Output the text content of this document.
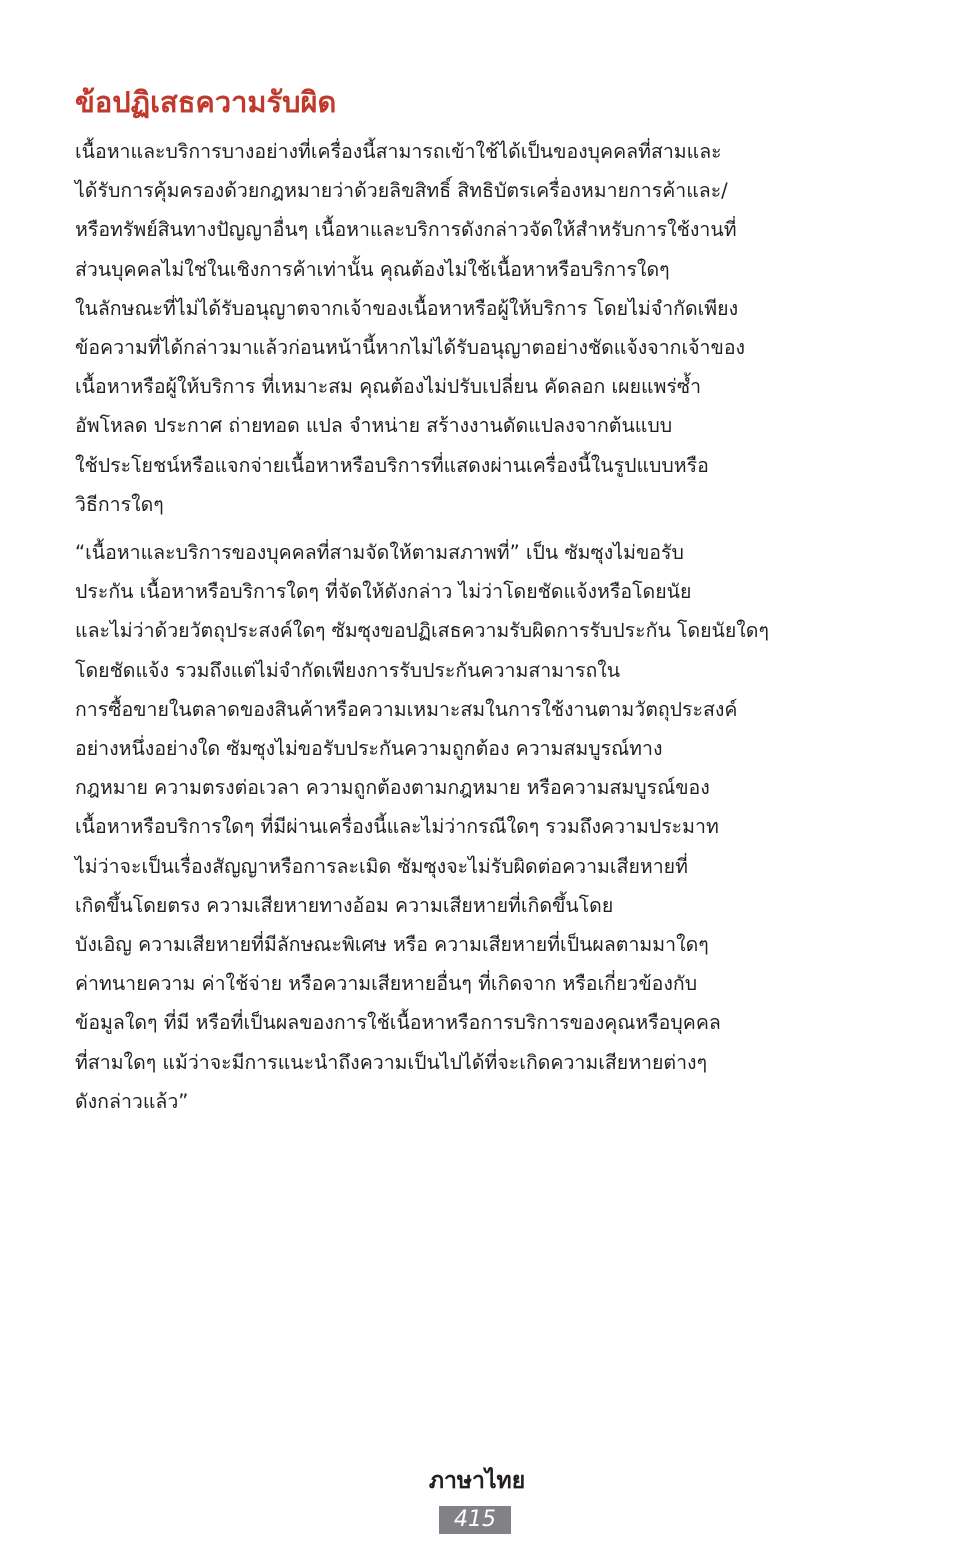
ข้อปฏิเสธความรับผิด
เนื้อหาและบริการบางอย่างที่เครื่องนี้สามารถเข้าใช้ได้เป็นของบุคคลที่สามและ
ได้รับการคุ้มครองด้วยกฎหมายว่าด้วยลิขสิทธิ์ สิทธิบัตรเครื่องหมายการค้าและ/
หรือทรัพย์สินทางปัญญาอื่นๆ เนื้อหาและบริการดังกล่าวจัดให้สำหรับการใช้งานที่
ส่วนบุคคลไม่ใช่ในเชิงการค้าเท่านั้น คุณต้องไม่ใช้เนื้อหาหรือบริการใดๆ
ในลักษณะที่ไม่ได้รับอนุญาตจากเจ้าของเนื้อหาหรือผู้ให้บริการ โดยไม่จำกัดเพียง
ข้อความที่ได้กล่าวมาแล้วก่อนหน้านี้หากไม่ได้รับอนุญาตอย่างชัดแจ้งจากเจ้าของ
เนื้อหาหรือผู้ให้บริการ ที่เหมาะสม คุณต้องไม่ปรับเปลี่ยน คัดลอก เผยแพร่ซ้ำ
อัพโหลด ประกาศ ถ่ายทอด แปล จำหน่าย สร้างงานดัดแปลงจากต้นแบบ
ใช้ประโยชน์หรือแจกจ่ายเนื้อหาหรือบริการที่แสดงผ่านเครื่องนี้ในรูปแบบหรือ
วิธีการใดๆ
“เนื้อหาและบริการของบุคคลที่สามจัดให้ตามสภาพที่” เป็น ซัมซุงไม่ขอรับ
ประกัน เนื้อหาหรือบริการใดๆ ที่จัดให้ดังกล่าว ไม่ว่าโดยชัดแจ้งหรือโดยนัย
และไม่ว่าด้วยวัตถุประสงค์ใดๆ ซัมซุงขอปฏิเสธความรับผิดการรับประกัน โดยนัยใดๆ
โดยชัดแจ้ง รวมถึงแต่ไม่จำกัดเพียงการรับประกันความสามารถใน
การซื้อขายในตลาดของสินค้าหรือความเหมาะสมในการใช้งานตามวัตถุประสงค์
อย่างหนึ่งอย่างใด ซัมซุงไม่ขอรับประกันความถูกต้อง ความสมบูรณ์ทาง
กฎหมาย ความตรงต่อเวลา ความถูกต้องตามกฎหมาย หรือความสมบูรณ์ของ
เนื้อหาหรือบริการใดๆ ที่มีผ่านเครื่องนี้และไม่ว่ากรณีใดๆ รวมถึงความประมาท
ไม่ว่าจะเป็นเรื่องสัญญาหรือการละเมิด ซัมซุงจะไม่รับผิดต่อความเสียหายที่
เกิดขึ้นโดยตรง ความเสียหายทางอ้อม ความเสียหายที่เกิดขึ้นโดย
บังเอิญ ความเสียหายที่มีลักษณะพิเศษ หรือ ความเสียหายที่เป็นผลตามมาใดๆ
ค่าทนายความ ค่าใช้จ่าย หรือความเสียหายอื่นๆ ที่เกิดจาก หรือเกี่ยวข้องกับ
ข้อมูลใดๆ ที่มี หรือที่เป็นผลของการใช้เนื้อหาหรือการบริการของคุณหรือบุคคล
ที่สามใดๆ แม้ว่าจะมีการแนะนำถึงความเป็นไปได้ที่จะเกิดความเสียหายต่างๆ
ดังกล่าวแล้ว”
ภาษาไทย
415
